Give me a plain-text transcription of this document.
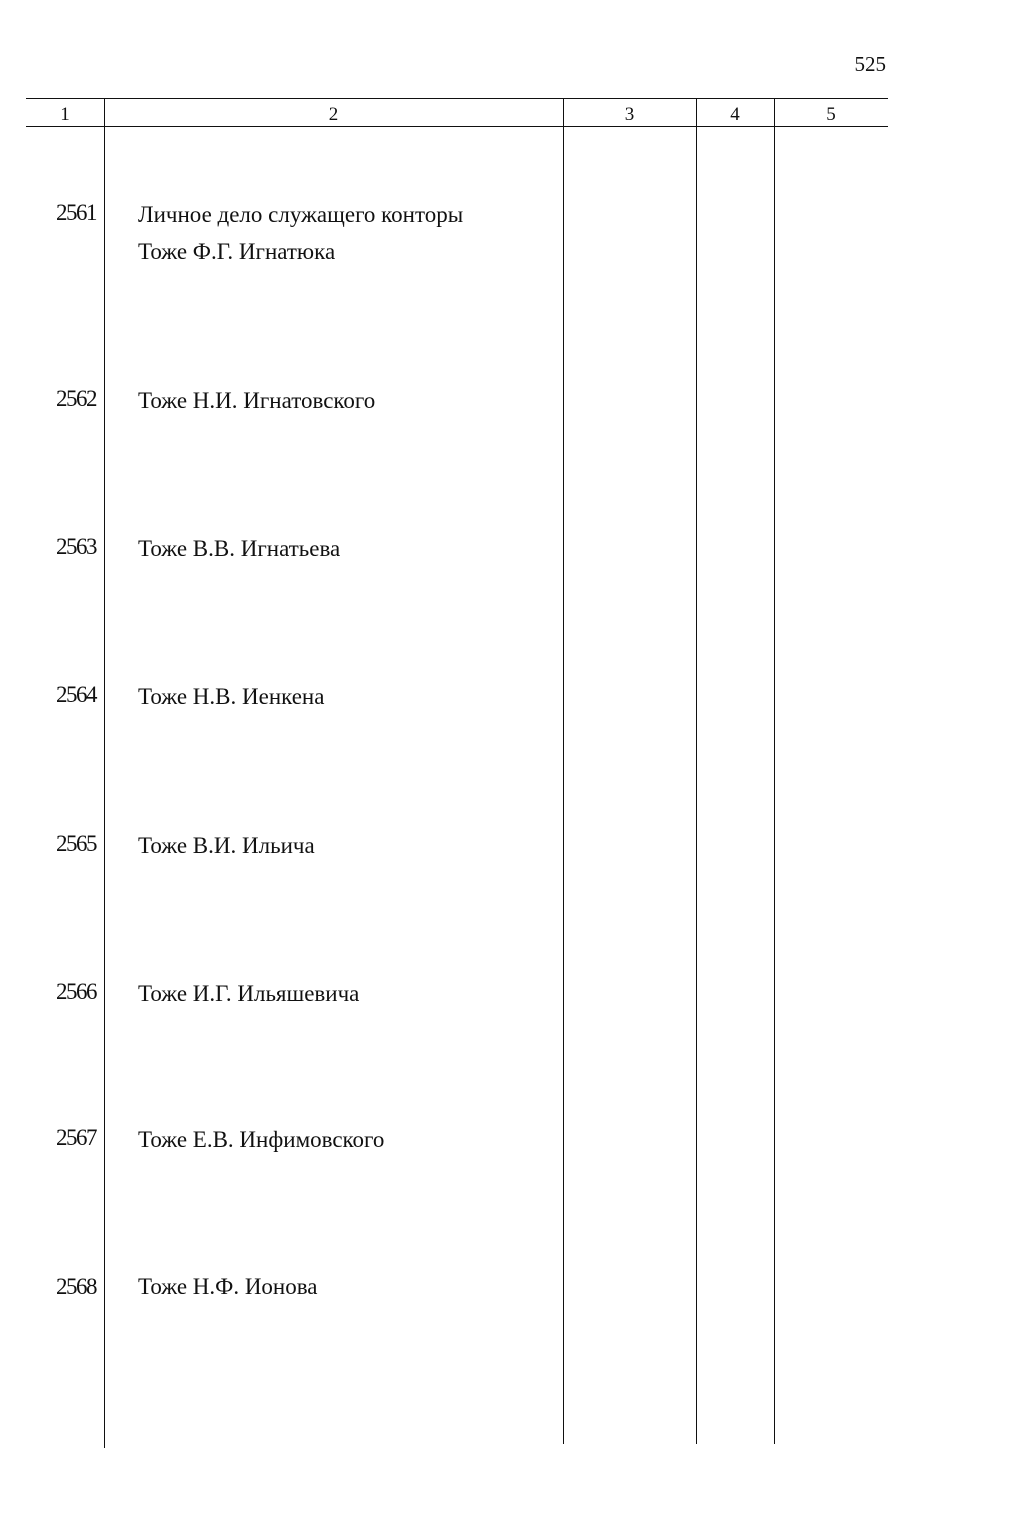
525
1	2	3	4	5
2561 Личное дело служащего конторы
Тоже Ф.Г. Игнатюка
2562 Тоже Н.И. Игнатовского
2563 Тоже В.В. Игнатьева
2564 Тоже Н.В. Иенкена
2565 Тоже В.И. Ильича
2566 Тоже И.Г. Ильяшевича
2567 Тоже Е.В. Инфимовского
2568 Тоже Н.Ф. Ионова
